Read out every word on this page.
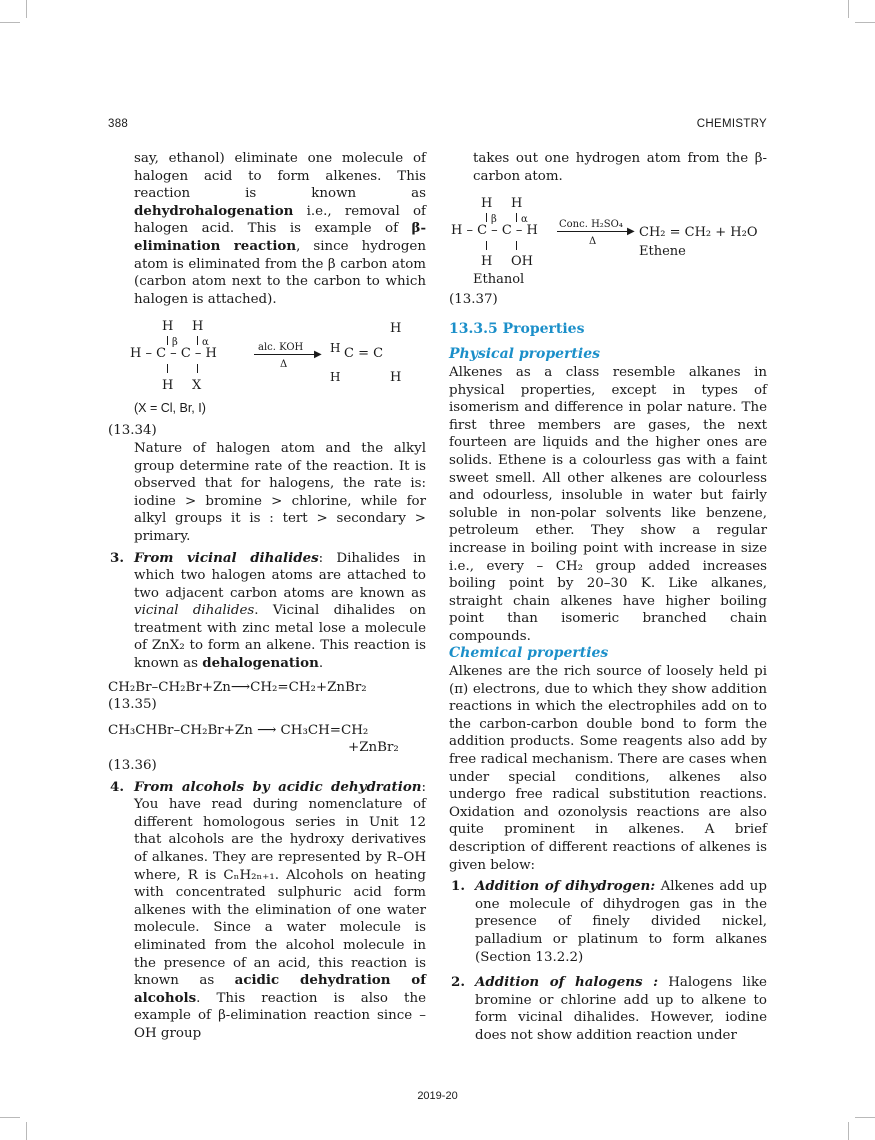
388	CHEMISTRY

say, ethanol) eliminate one molecule of halogen acid to form alkenes. This reaction is known as dehydrohalogenation i.e., removal of halogen acid. This is example of β-elimination reaction, since hydrogen atom is eliminated from the β carbon atom (carbon atom next to the carbon to which halogen is attached).

H H
β α
H – C – C – H
H X
alc. KOH
▶
Δ
H
H
C = C
H	H
(X = Cl, Br, I)

(13.34)

Nature of halogen atom and the alkyl group determine rate of the reaction. It is observed that for halogens, the rate is: iodine > bromine > chlorine, while for alkyl groups it is : tert > secondary > primary.

3. From vicinal dihalides: Dihalides in which two halogen atoms are attached to two adjacent carbon atoms are known as vicinal dihalides. Vicinal dihalides on treatment with zinc metal lose a molecule of ZnX₂ to form an alkene. This reaction is known as dehalogenation.

CH₂Br–CH₂Br+Zn⟶CH₂=CH₂+ZnBr₂

(13.35)

CH₃CHBr–CH₂Br+Zn ⟶ CH₃CH=CH₂

+ZnBr₂

(13.36)

4. From alcohols by acidic dehydration: You have read during nomenclature of different homologous series in Unit 12 that alcohols are the hydroxy derivatives of alkanes. They are represented by R–OH where, R is CₙH₂ₙ₊₁. Alcohols on heating with concentrated sulphuric acid form alkenes with the elimination of one water molecule. Since a water molecule is eliminated from the alcohol molecule in the presence of an acid, this reaction is known as acidic dehydration of alcohols. This reaction is also the example of β-elimination reaction since –OH group

takes out one hydrogen atom from the β-carbon atom.

H H
β α
H – C – C – H
H OH
Conc. H₂SO₄
▶
Δ
CH₂ = CH₂ + H₂O
Ethene
Ethanol

(13.37)

13.3.5 Properties

Physical properties

Alkenes as a class resemble alkanes in physical properties, except in types of isomerism and difference in polar nature. The first three members are gases, the next fourteen are liquids and the higher ones are solids. Ethene is a colourless gas with a faint sweet smell. All other alkenes are colourless and odourless, insoluble in water but fairly soluble in non-polar solvents like benzene, petroleum ether. They show a regular increase in boiling point with increase in size i.e., every – CH₂ group added increases boiling point by 20–30 K. Like alkanes, straight chain alkenes have higher boiling point than isomeric branched chain compounds.

Chemical properties

Alkenes are the rich source of loosely held pi (π) electrons, due to which they show addition reactions in which the electrophiles add on to the carbon-carbon double bond to form the addition products. Some reagents also add by free radical mechanism. There are cases when under special conditions, alkenes also undergo free radical substitution reactions. Oxidation and ozonolysis reactions are also quite prominent in alkenes. A brief description of different reactions of alkenes is given below:

1. Addition of dihydrogen: Alkenes add up one molecule of dihydrogen gas in the presence of finely divided nickel, palladium or platinum to form alkanes (Section 13.2.2)
2. Addition of halogens : Halogens like bromine or chlorine add up to alkene to form vicinal dihalides. However, iodine does not show addition reaction under
2019-20
